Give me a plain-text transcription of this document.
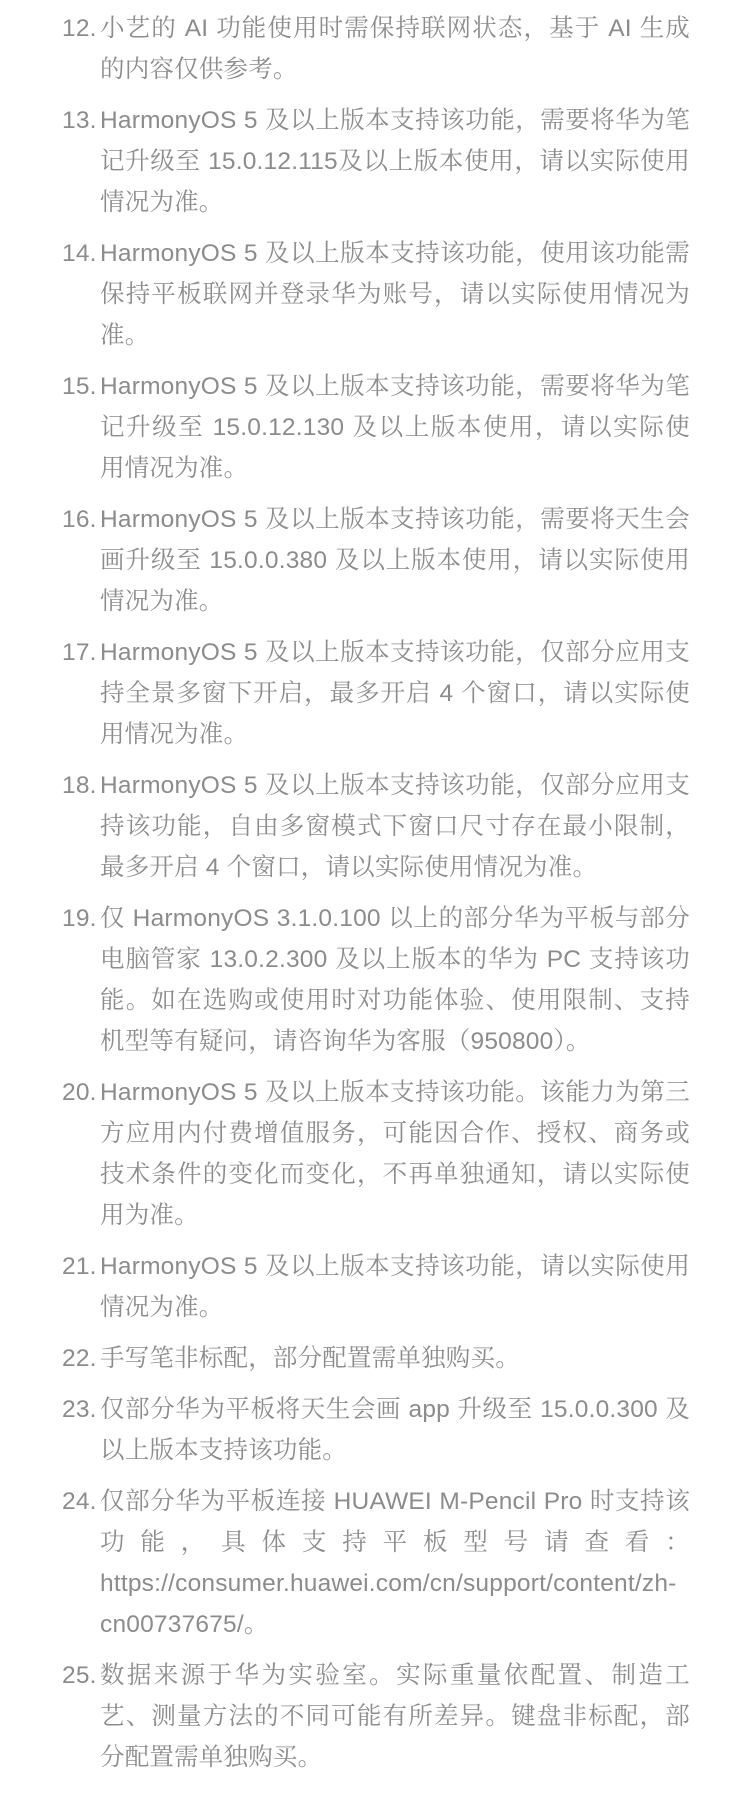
12. 小艺的 AI 功能使用时需保持联网状态，基于 AI 生成的内容仅供参考。
13. HarmonyOS 5 及以上版本支持该功能，需要将华为笔记升级至 15.0.12.115及以上版本使用，请以实际使用情况为准。
14. HarmonyOS 5 及以上版本支持该功能，使用该功能需保持平板联网并登录华为账号，请以实际使用情况为准。
15. HarmonyOS 5 及以上版本支持该功能，需要将华为笔记升级至 15.0.12.130 及以上版本使用，请以实际使用情况为准。
16. HarmonyOS 5 及以上版本支持该功能，需要将天生会画升级至 15.0.0.380 及以上版本使用，请以实际使用情况为准。
17. HarmonyOS 5 及以上版本支持该功能，仅部分应用支持全景多窗下开启，最多开启 4 个窗口，请以实际使用情况为准。
18. HarmonyOS 5 及以上版本支持该功能，仅部分应用支持该功能，自由多窗模式下窗口尺寸存在最小限制，最多开启 4 个窗口，请以实际使用情况为准。
19. 仅 HarmonyOS 3.1.0.100 以上的部分华为平板与部分电脑管家 13.0.2.300 及以上版本的华为 PC 支持该功能。如在选购或使用时对功能体验、使用限制、支持机型等有疑问，请咨询华为客服（950800）。
20. HarmonyOS 5 及以上版本支持该功能。该能力为第三方应用内付费增值服务，可能因合作、授权、商务或技术条件的变化而变化，不再单独通知，请以实际使用为准。
21. HarmonyOS 5 及以上版本支持该功能，请以实际使用情况为准。
22. 手写笔非标配，部分配置需单独购买。
23. 仅部分华为平板将天生会画 app 升级至 15.0.0.300 及以上版本支持该功能。
24. 仅部分华为平板连接 HUAWEI M-Pencil Pro 时支持该功能，具体支持平板型号请查看：https://consumer.huawei.com/cn/support/content/zh-cn00737675/。
25. 数据来源于华为实验室。实际重量依配置、制造工艺、测量方法的不同可能有所差异。键盘非标配，部分配置需单独购买。
